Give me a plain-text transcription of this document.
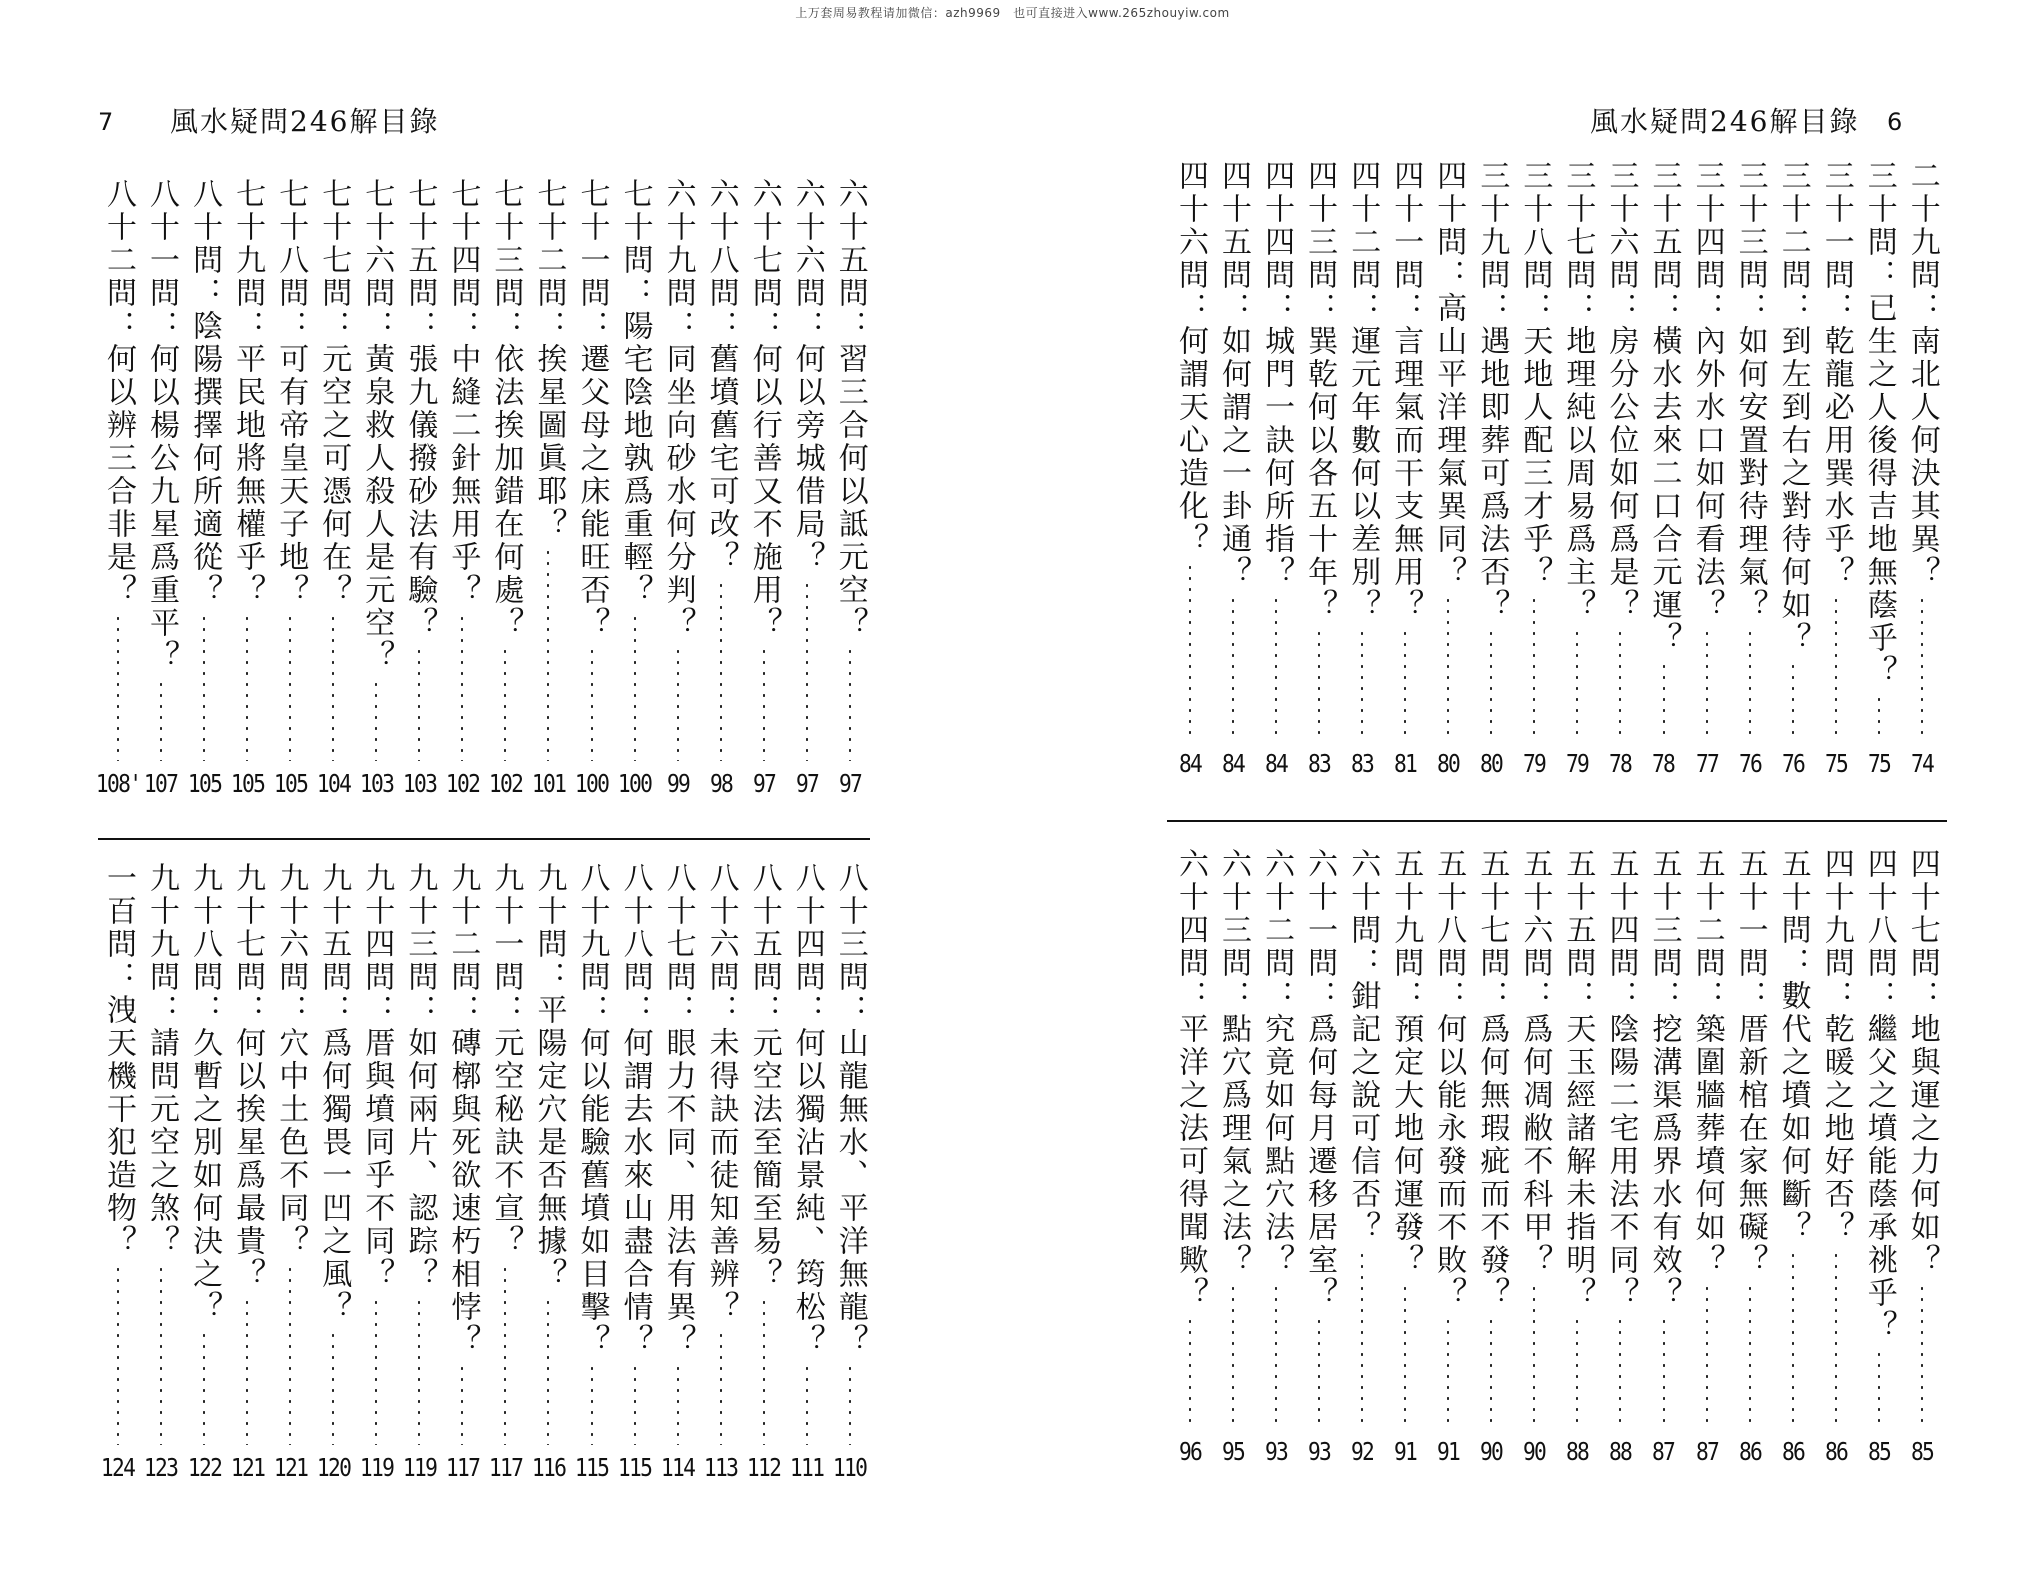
上万套周易教程请加微信：azh9969　也可直接进入www.265zhouyiw.com
7 風水疑問246解目錄
六十五問：習三合何以詆元空？
97
六十六問：何以旁城借局？
97
六十七問：何以行善又不施用？
97
六十八問：舊墳舊宅可改？
98
六十九問：同坐向砂水何分判？
99
七十問：陽宅陰地孰爲重輕？
100
七十一問：遷父母之床能旺否？
100
七十二問：挨星圖眞耶？
101
七十三問：依法挨加錯在何處？
102
七十四問：中縫二針無用乎？
102
七十五問：張九儀撥砂法有驗？
103
七十六問：黃泉救人殺人是元空？
103
七十七問：元空之可憑何在？
104
七十八問：可有帝皇天子地？
105
七十九問：平民地將無權乎？
105
八十問：陰陽撰擇何所適從？
105
八十一問：何以楊公九星爲重平？
107
八十二問：何以辨三合非是？
108'
八十三問：山龍無水、平洋無龍？
110
八十四問：何以獨沾景純、筠松？
111
八十五問：元空法至簡至易？
112
八十六問：未得訣而徒知善辨？
113
八十七問：眼力不同、用法有異？
114
八十八問：何謂去水來山盡合情？
115
八十九問：何以能驗舊墳如目擊？
115
九十問：平陽定穴是否無據？
116
九十一問：元空秘訣不宣？
117
九十二問：磚槨與死欲速朽相悖？
117
九十三問：如何兩片、認踪？
119
九十四問：厝與墳同乎不同？
119
九十五問：爲何獨畏一凹之風？
120
九十六問：穴中土色不同？
121
九十七問：何以挨星爲最貴？
121
九十八問：久暫之別如何決之？
122
九十九問：請問元空之煞？
123
一百問：洩天機干犯造物？
124
風水疑問246解目錄 6
二十九問：南北人何決其異？
74
三十問：已生之人後得吉地無蔭乎？
75
三十一問：乾龍必用巽水乎？
75
三十二問：到左到右之對待何如？
76
三十三問：如何安置對待理氣？
76
三十四問：內外水口如何看法？
77
三十五問：橫水去來二口合元運？
78
三十六問：房分公位如何爲是？
78
三十七問：地理純以周易爲主？
79
三十八問：天地人配三才乎？
79
三十九問：遇地即葬可爲法否？
80
四十問：高山平洋理氣異同？
80
四十一問：言理氣而干支無用？
81
四十二問：運元年數何以差別？
83
四十三問：巽乾何以各五十年？
83
四十四問：城門一訣何所指？
84
四十五問：如何謂之一卦通？
84
四十六問：何謂天心造化？
84
四十七問：地與運之力何如？
85
四十八問：繼父之墳能蔭承祧乎？
85
四十九問：乾暖之地好否？
86
五十問：數代之墳如何斷？
86
五十一問：厝新棺在家無礙？
86
五十二問：築圍牆葬墳何如？
87
五十三問：挖溝渠爲界水有效？
87
五十四問：陰陽二宅用法不同？
88
五十五問：天玉經諸解未指明？
88
五十六問：爲何凋敝不科甲？
90
五十七問：爲何無瑕疵而不發？
90
五十八問：何以能永發而不敗？
91
五十九問：預定大地何運發？
91
六十問：鉗記之說可信否？
92
六十一問：爲何每月遷移居室？
93
六十二問：究竟如何點穴法？
93
六十三問：點穴爲理氣之法？
95
六十四問：平洋之法可得聞歟？
96
